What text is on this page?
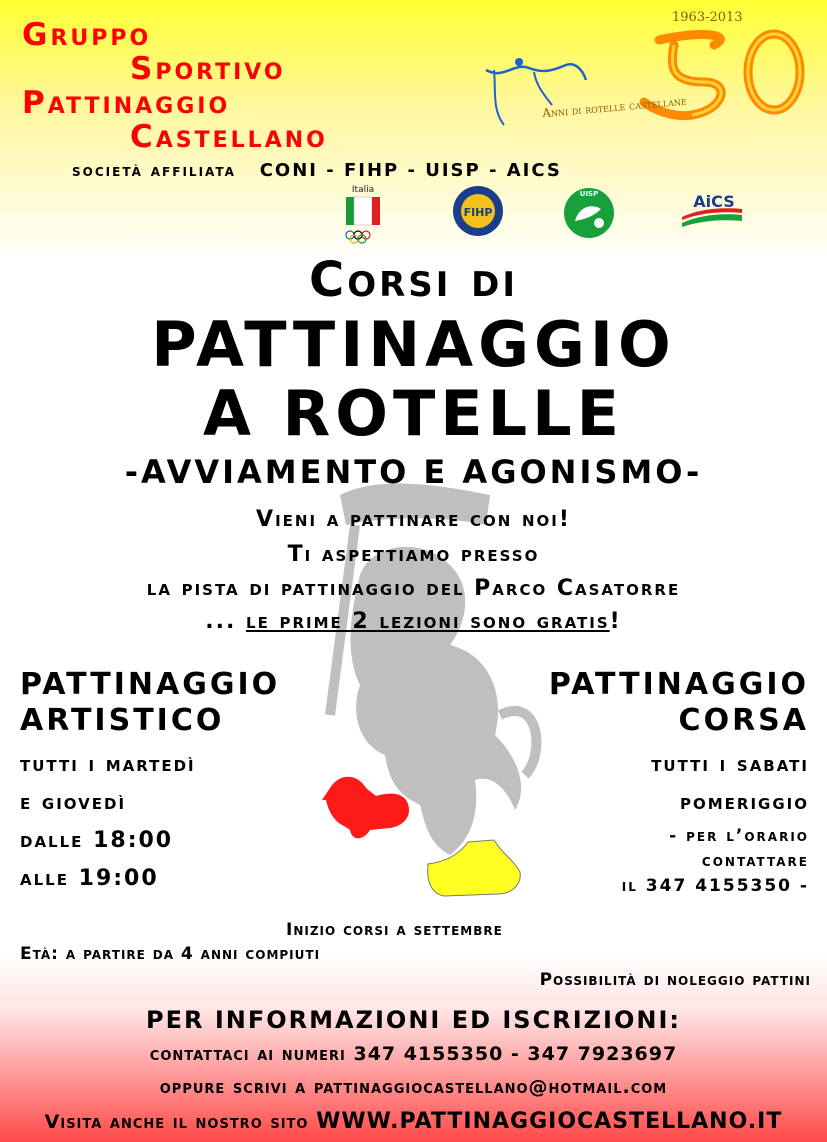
Gruppo
Sportivo
Pattinaggio
Castellano
1963-2013
Anni di rotelle castellane
società affiliata CONI - FIHP - UISP - AICS
Italia
FIHP
UISP	AiCS
Corsi di
PATTINAGGIO
A ROTELLE
-AVVIAMENTO E AGONISMO-
Vieni a pattinare con noi!
Ti aspettiamo presso
la pista di pattinaggio del Parco Casatorre
... le prime 2 lezioni sono gratis!
PATTINAGGIO
ARTISTICO
tutti i martedì
e giovedì
dalle 18:00
alle 19:00
PATTINAGGIO
CORSA
tutti i sabati
pomeriggio
- per l’orario
contattare
il 347 4155350 -
Inizio corsi a settembre
Età: a partire da 4 anni compiuti
Possibilità di noleggio pattini
PER INFORMAZIONI ED ISCRIZIONI:
contattaci ai numeri 347 4155350 - 347 7923697
oppure scrivi a pattinaggiocastellano@hotmail.com
Visita anche il nostro sito WWW.PATTINAGGIOCASTELLANO.IT
